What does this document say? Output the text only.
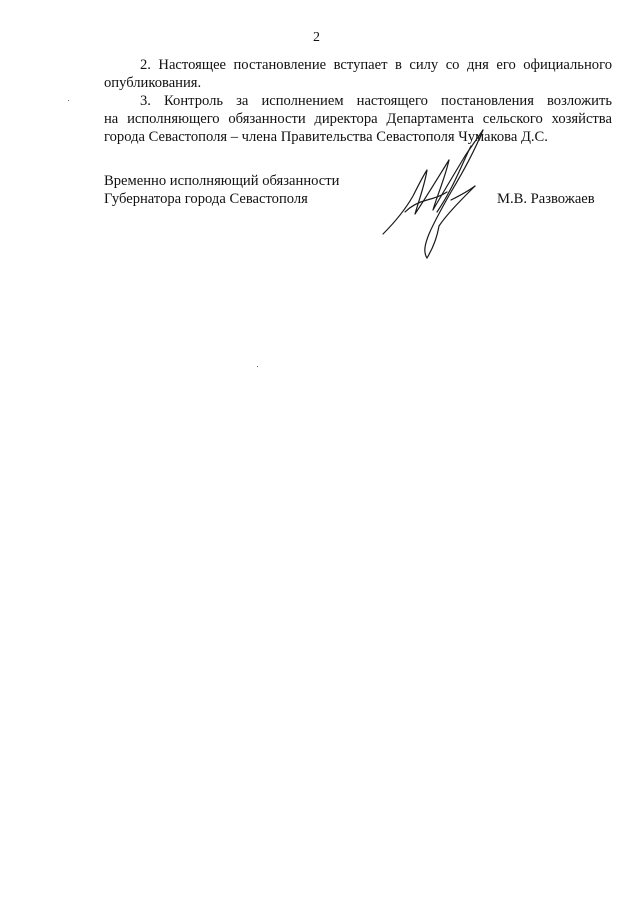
2
2. Настоящее постановление вступает в силу со дня его официального
опубликования.
3. Контроль за исполнением настоящего постановления возложить
на исполняющего обязанности директора Департамента сельского хозяйства
города Севастополя – члена Правительства Севастополя Чумакова Д.С.
Временно исполняющий обязанности
Губернатора города Севастополя	М.В. Развожаев
